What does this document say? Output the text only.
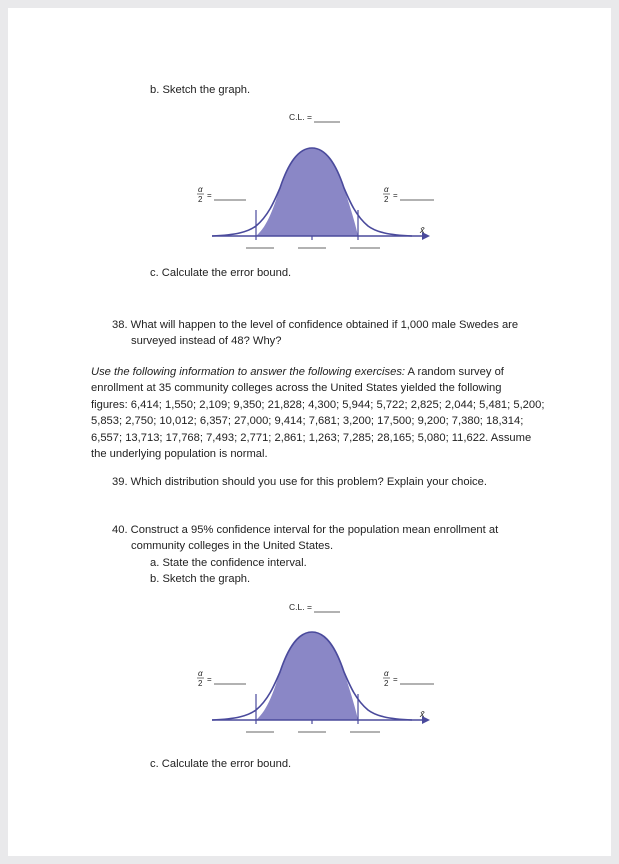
b. Sketch the graph.
C.L. =
α
2 =
α
2 =
x̄
c. Calculate the error bound.
38. What will happen to the level of confidence obtained if 1,000 male Swedes are
surveyed instead of 48? Why?
Use the following information to answer the following exercises: A random survey of
enrollment at 35 community colleges across the United States yielded the following
figures: 6,414; 1,550; 2,109; 9,350; 21,828; 4,300; 5,944; 5,722; 2,825; 2,044; 5,481; 5,200;
5,853; 2,750; 10,012; 6,357; 27,000; 9,414; 7,681; 3,200; 17,500; 9,200; 7,380; 18,314;
6,557; 13,713; 17,768; 7,493; 2,771; 2,861; 1,263; 7,285; 28,165; 5,080; 11,622. Assume
the underlying population is normal.
39. Which distribution should you use for this problem? Explain your choice.
40. Construct a 95% confidence interval for the population mean enrollment at
community colleges in the United States.
a. State the confidence interval.
b. Sketch the graph.
C.L. =
α
2 =
α
2 =
x̄
c. Calculate the error bound.
